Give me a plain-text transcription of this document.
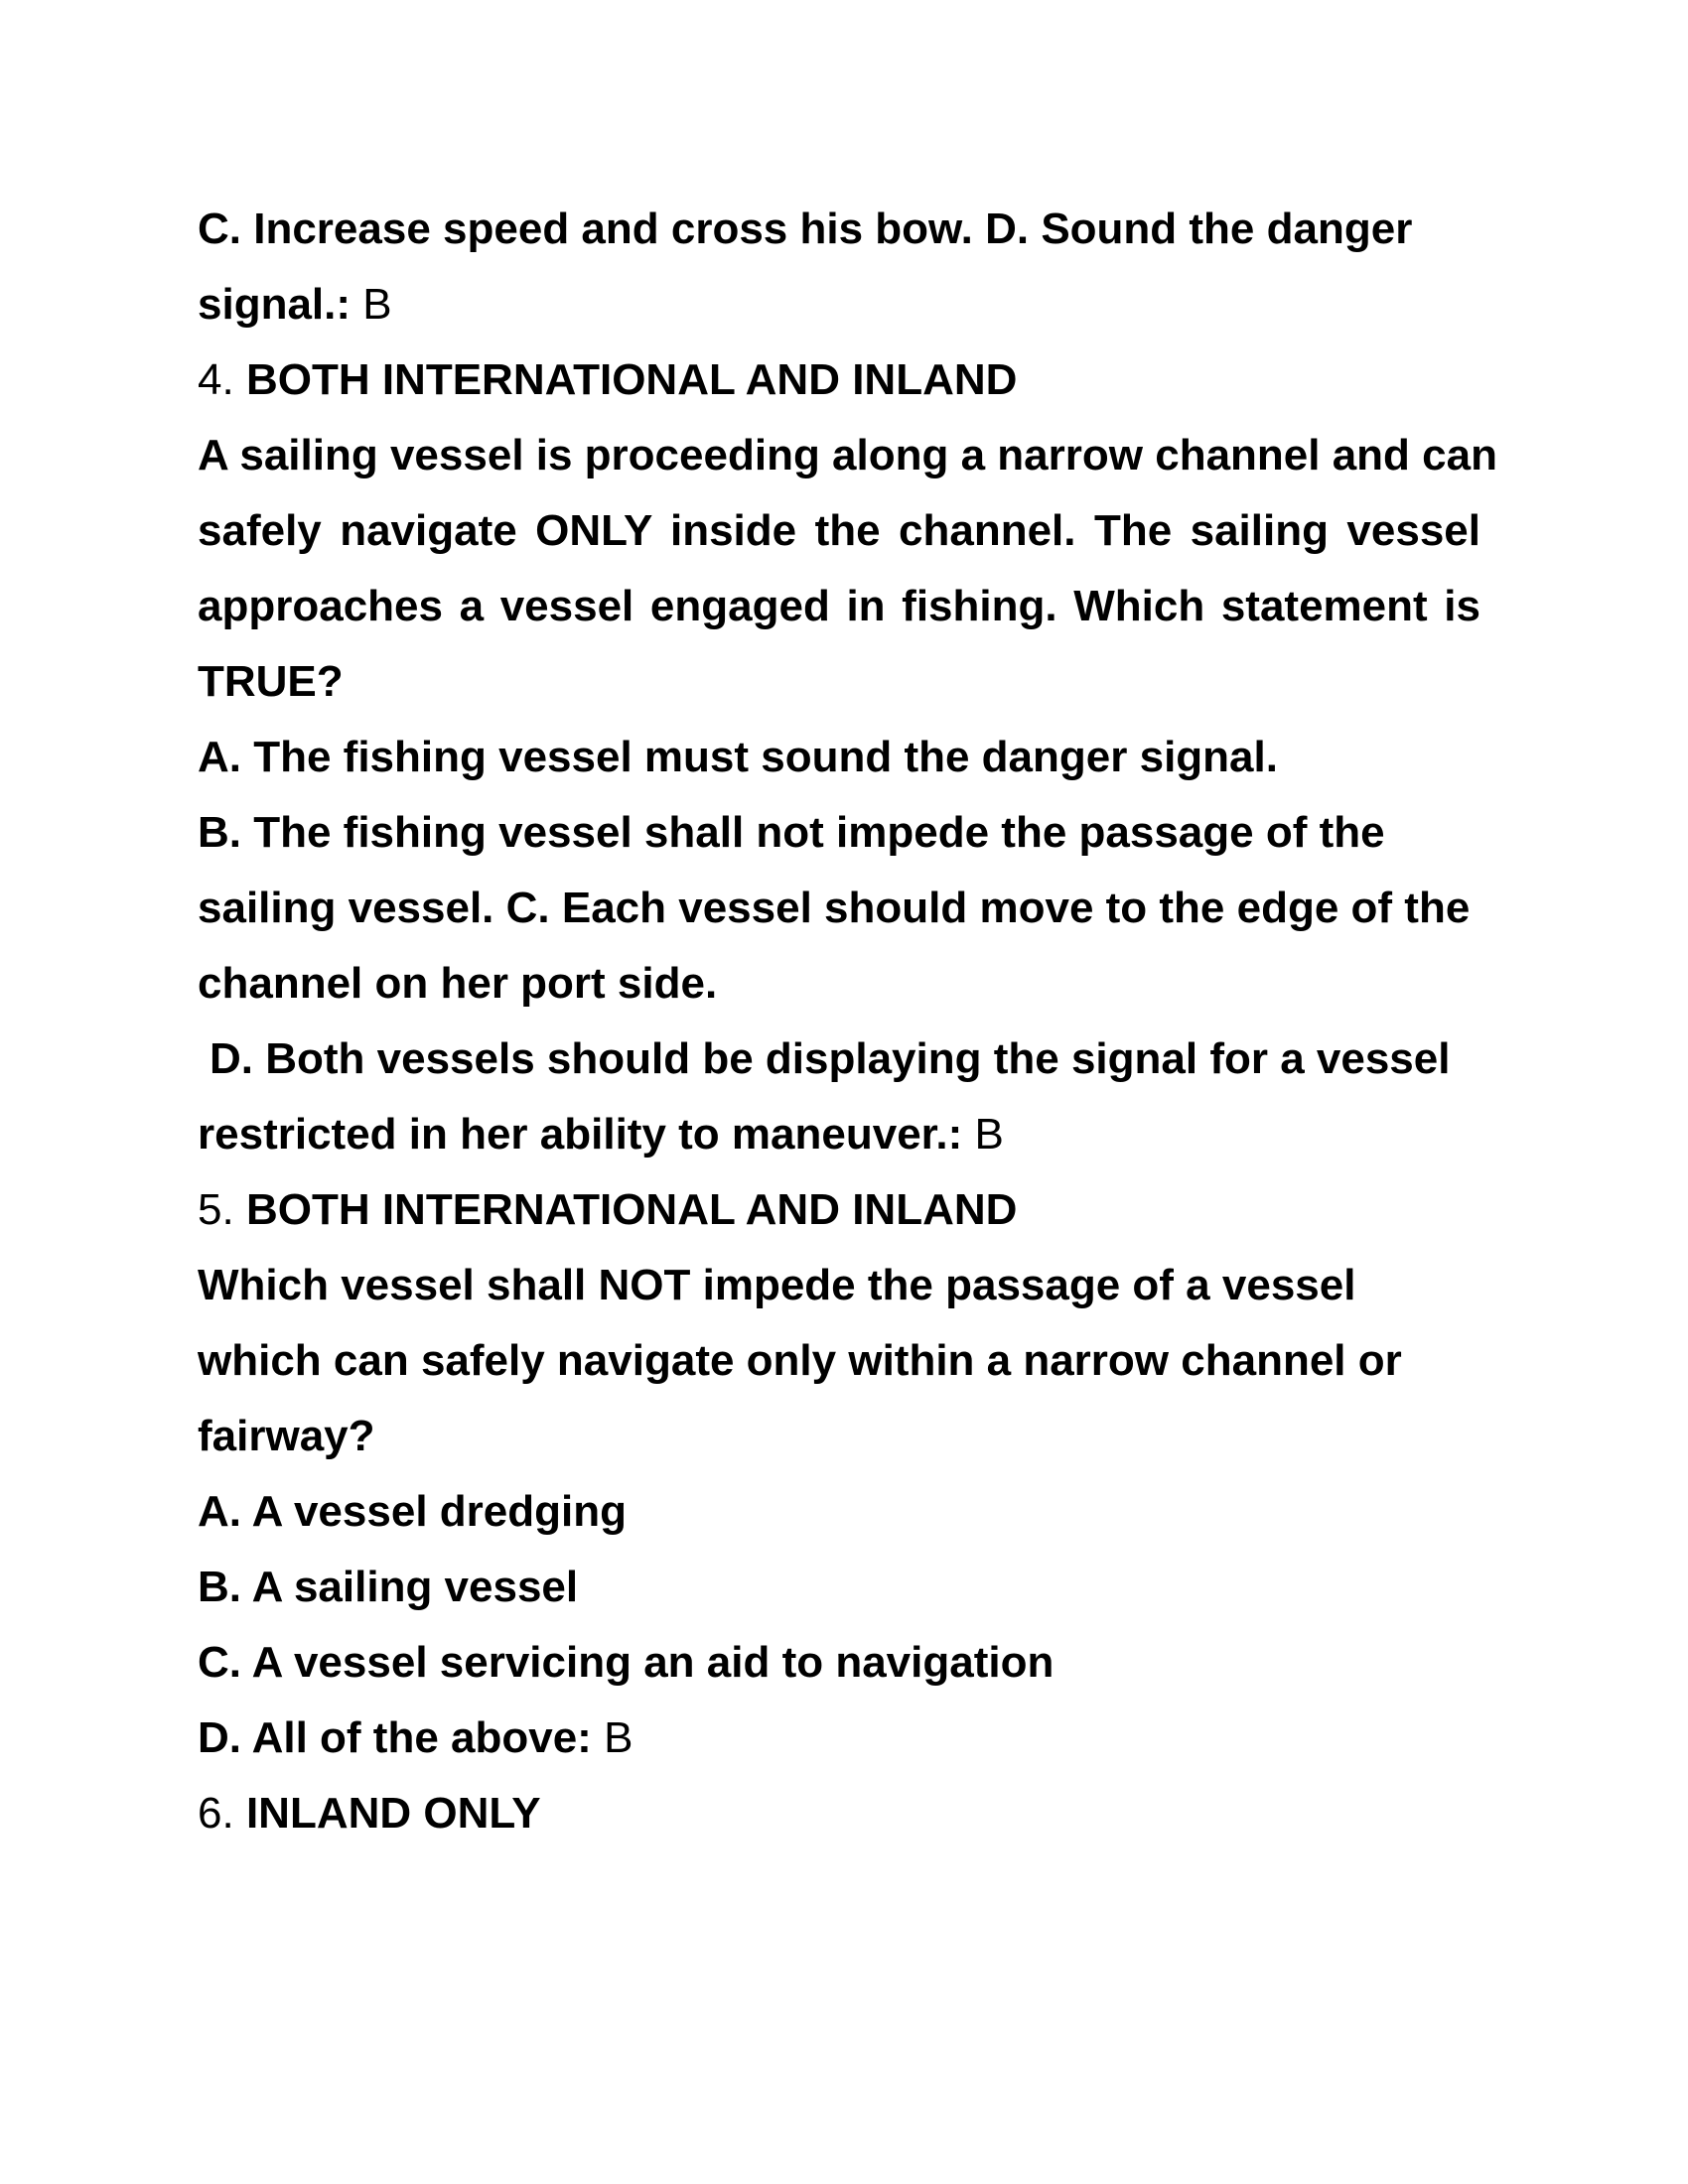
C. Increase speed and cross his bow. D. Sound the danger
signal.: B
4. BOTH INTERNATIONAL AND INLAND
A sailing vessel is proceeding along a narrow channel and can
safely navigate ONLY inside the channel. The sailing vessel
approaches a vessel engaged in fishing. Which statement is
TRUE?
A. The fishing vessel must sound the danger signal.
B. The fishing vessel shall not impede the passage of the
sailing vessel. C. Each vessel should move to the edge of the
channel on her port side.
D. Both vessels should be displaying the signal for a vessel
restricted in her ability to maneuver.: B
5. BOTH INTERNATIONAL AND INLAND
Which vessel shall NOT impede the passage of a vessel
which can safely navigate only within a narrow channel or
fairway?
A. A vessel dredging
B. A sailing vessel
C. A vessel servicing an aid to navigation
D. All of the above: B
6. INLAND ONLY
